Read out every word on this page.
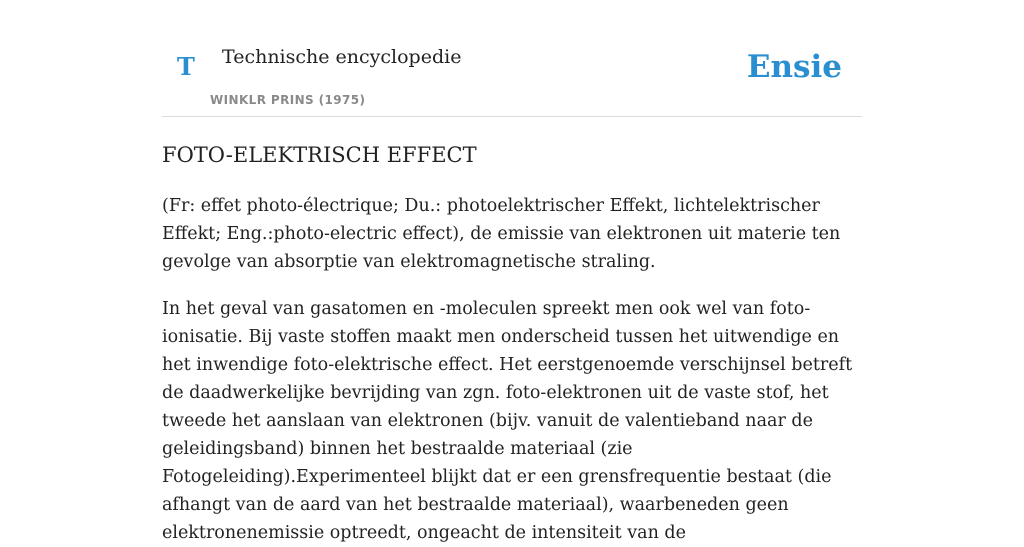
T Technische encyclopedie
WINKLR PRINS (1975)
Ensie
FOTO-ELEKTRISCH EFFECT

(Fr: effet photo-électrique; Du.: photoelektrischer Effekt, lichtelektrischer Effekt; Eng.:photo-electric effect), de emissie van elektronen uit materie ten gevolge van absorptie van elektromagnetische straling.

In het geval van gasatomen en -moleculen spreekt men ook wel van foto-ionisatie. Bij vaste stoffen maakt men onderscheid tussen het uitwendige en het inwendige foto-elektrische effect. Het eerstgenoemde verschijnsel betreft de daadwerkelijke bevrijding van zgn. foto-elektronen uit de vaste stof, het tweede het aanslaan van elektronen (bijv. vanuit de valentieband naar de geleidingsband) binnen het bestraalde materiaal (zie Fotogeleiding).Experimenteel blijkt dat er een grensfrequentie bestaat (die afhangt van de aard van het bestraalde materiaal), waarbeneden geen elektronenemissie optreedt, ongeacht de intensiteit van de
